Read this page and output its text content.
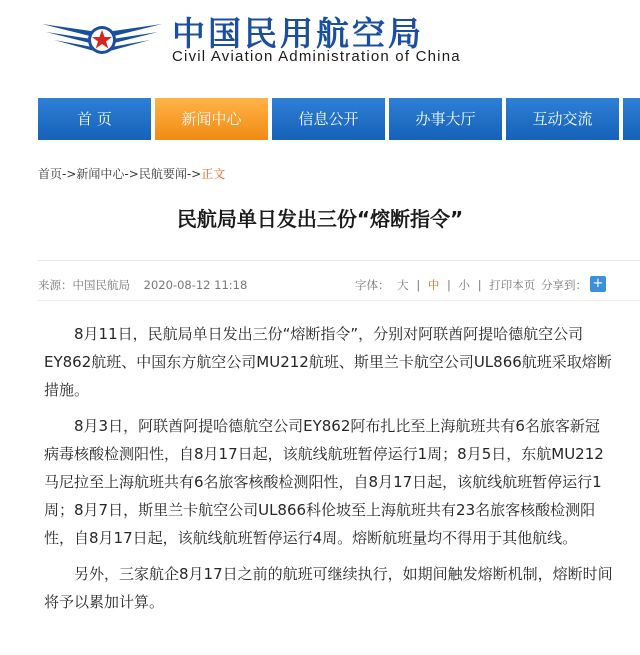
中国民用航空局
Civil Aviation Administration of China
首 页	新闻中心	信息公开	办事大厅	互动交流
首页->新闻中心->民航要闻->正文
民航局单日发出三份“熔断指令”
来源：中国民航局 2020-08-12 11:18	字体： 大 | 中 | 小 | 打印本页 分享到： +

8月11日，民航局单日发出三份“熔断指令”，分别对阿联酋阿提哈德航空公司EY862航班、中国东方航空公司MU212航班、斯里兰卡航空公司UL866航班采取熔断措施。

8月3日，阿联酋阿提哈德航空公司EY862阿布扎比至上海航班共有6名旅客新冠病毒核酸检测阳性，自8月17日起，该航线航班暂停运行1周；8月5日，东航MU212马尼拉至上海航班共有6名旅客核酸检测阳性，自8月17日起，该航线航班暂停运行1周；8月7日，斯里兰卡航空公司UL866科伦坡至上海航班共有23名旅客核酸检测阳性，自8月17日起，该航线航班暂停运行4周。熔断航班量均不得用于其他航线。

另外，三家航企8月17日之前的航班可继续执行，如期间触发熔断机制，熔断时间将予以累加计算。
